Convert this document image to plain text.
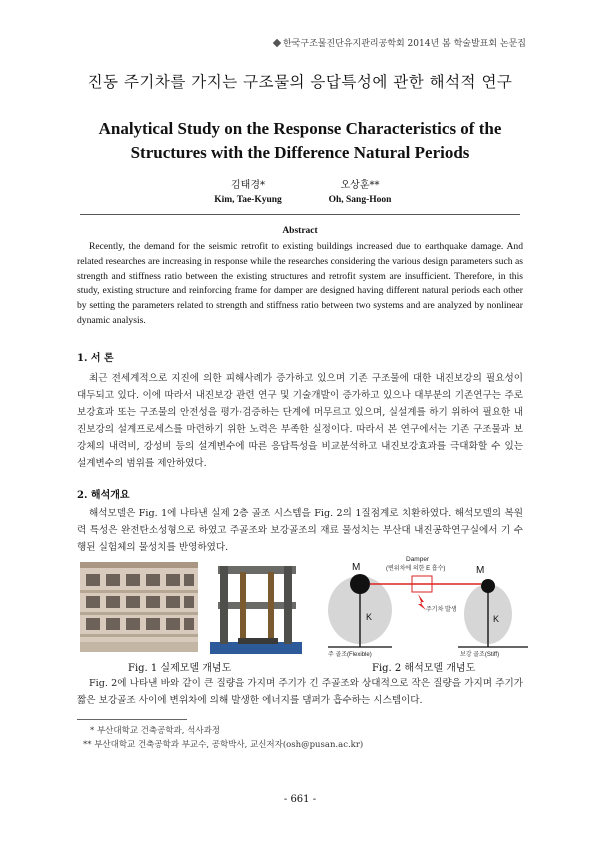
한국구조물진단유지관리공학회 2014년 봄 학술발표회 논문집
진동 주기차를 가지는 구조물의 응답특성에 관한 해석적 연구
Analytical Study on the Response Characteristics of the
Structures with the Difference Natural Periods
김태경*
Kim, Tae-Kyung
오상훈**
Oh, Sang-Hoon
Abstract
Recently, the demand for the seismic retrofit to existing buildings increased due to earthquake damage. And related researches are increasing in response while the researches considering the various design parameters such as strength and stiffness ratio between the existing structures and retrofit system are insufficient. Therefore, in this study, existing structure and reinforcing frame for damper are designed having different natural periods each other by setting the parameters related to strength and stiffness ratio between two systems and are analyzed by nonlinear dynamic analysis.
1. 서 론
최근 전세계적으로 지진에 의한 피해사례가 증가하고 있으며 기존 구조물에 대한 내진보강의 필요성이 대두되고 있다. 이에 따라서 내진보강 관련 연구 및 기술개발이 증가하고 있으나 대부분의 기존연구는 주로 보강효과 또는 구조물의 안전성을 평가·검증하는 단계에 머무르고 있으며, 실설계를 하기 위하여 필요한 내진보강의 설계프로세스를 마련하기 위한 노력은 부족한 실정이다. 따라서 본 연구에서는 기존 구조물과 보강체의 내력비, 강성비 등의 설계변수에 따른 응답특성을 비교분석하고 내진보강효과를 극대화할 수 있는 설계변수의 범위를 제안하였다.
2. 해석개요
해석모델은 Fig. 1에 나타낸 실제 2층 골조 시스템을 Fig. 2의 1질점계로 치환하였다. 해석모델의 복원력 특성은 완전탄소성형으로 하였고 주골조와 보강골조의 재료 물성치는 부산대 내진공학연구실에서 기 수행된 실험체의 물성치를 반영하였다.
M	M
K	K
Damper
(변위차에 의한 E 흡수)
주기차 발생
주 골조(Flexible)	보강 골조(Stiff)
Fig. 1 실제모델 개념도	Fig. 2 해석모델 개념도
Fig. 2에 나타낸 바와 같이 큰 질량을 가지며 주기가 긴 주골조와 상대적으로 작은 질량을 가지며 주기가 짧은 보강골조 사이에 변위차에 의해 발생한 에너지를 댐퍼가 흡수하는 시스템이다.
* 부산대학교 건축공학과, 석사과정
** 부산대학교 건축공학과 부교수, 공학박사, 교신저자(osh@pusan.ac.kr)
- 661 -
